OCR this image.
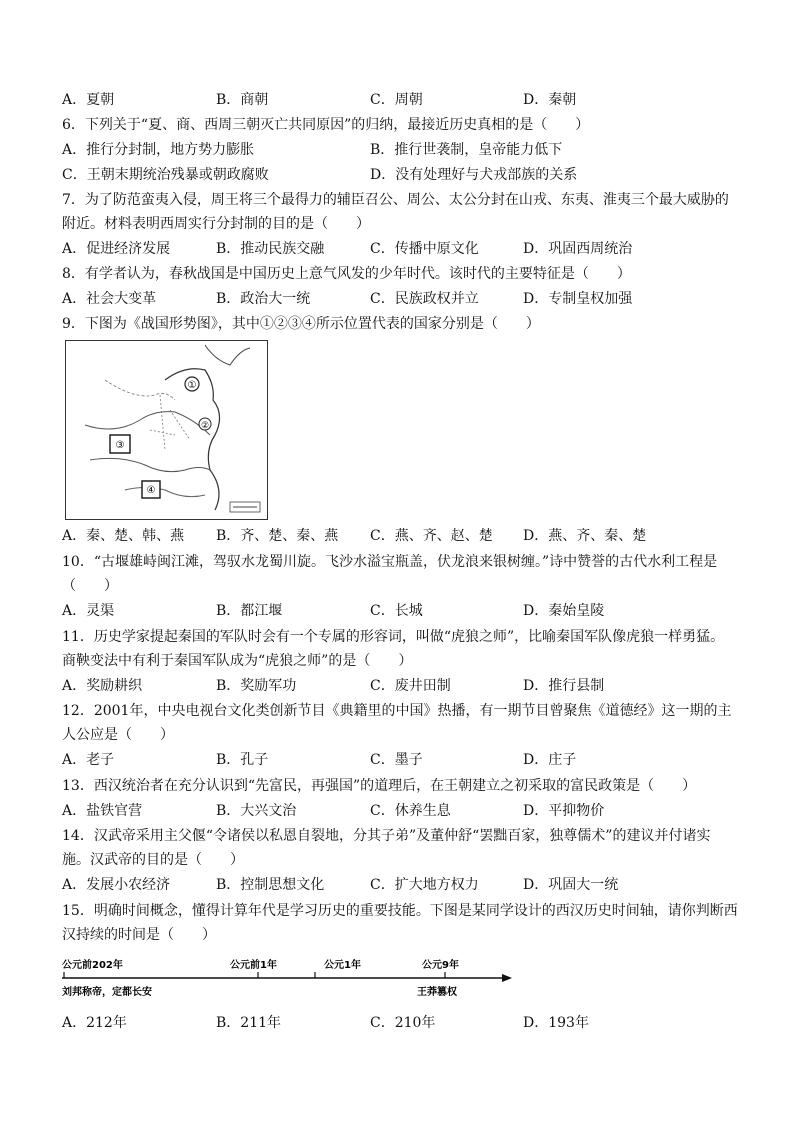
A．夏朝	B．商朝	C．周朝	D．秦朝
6．下列关于“夏、商、西周三朝灭亡共同原因”的归纳，最接近历史真相的是（　　）
A．推行分封制，地方势力膨胀	B．推行世袭制，皇帝能力低下
C．王朝末期统治残暴或朝政腐败	D．没有处理好与犬戎部族的关系
7．为了防范蛮夷入侵，周王将三个最得力的辅臣召公、周公、太公分封在山戎、东夷、淮夷三个最大威胁的
附近。材料表明西周实行分封制的目的是（　　）
A．促进经济发展	B．推动民族交融	C．传播中原文化	D．巩固西周统治
8．有学者认为，春秋战国是中国历史上意气风发的少年时代。该时代的主要特征是（　　）
A．社会大变革	B．政治大一统	C．民族政权并立	D．专制皇权加强
9．下图为《战国形势图》，其中①②③④所示位置代表的国家分别是（　　）
①
②
③
④
A．秦、楚、韩、燕 B．齐、楚、秦、燕 C．燕、齐、赵、楚 D．燕、齐、秦、楚
10．“古堰雄峙闽江滩，驾驭水龙蜀川旋。飞沙水溢宝瓶盖，伏龙浪来银树缠。”诗中赞誉的古代水利工程是
（　　）
A．灵渠	B．都江堰	C．长城	D．秦始皇陵
11．历史学家提起秦国的军队时会有一个专属的形容词，叫做“虎狼之师”，比喻秦国军队像虎狼一样勇猛。
商鞅变法中有利于秦国军队成为“虎狼之师”的是（　　）
A．奖励耕织	B．奖励军功	C．废井田制	D．推行县制
12．2001年，中央电视台文化类创新节目《典籍里的中国》热播，有一期节目曾聚焦《道德经》这一期的主
人公应是（　　）
A．老子	B．孔子	C．墨子	D．庄子
13．西汉统治者在充分认识到“先富民，再强国”的道理后，在王朝建立之初采取的富民政策是（　　）
A．盐铁官营	B．大兴文治	C．休养生息	D．平抑物价
14．汉武帝采用主父偃“令诸侯以私恩自裂地，分其子弟”及董仲舒“罢黜百家，独尊儒术”的建议并付诸实
施。汉武帝的目的是（　　）
A．发展小农经济	B．控制思想文化	C．扩大地方权力	D．巩固大一统
15．明确时间概念，懂得计算年代是学习历史的重要技能。下图是某同学设计的西汉历史时间轴，请你判断西
汉持续的时间是（　　）
公元前202年	公元前1年	公元1年	公元9年
刘邦称帝，定都长安	王莽篡权
A．212年	B．211年	C．210年	D．193年
